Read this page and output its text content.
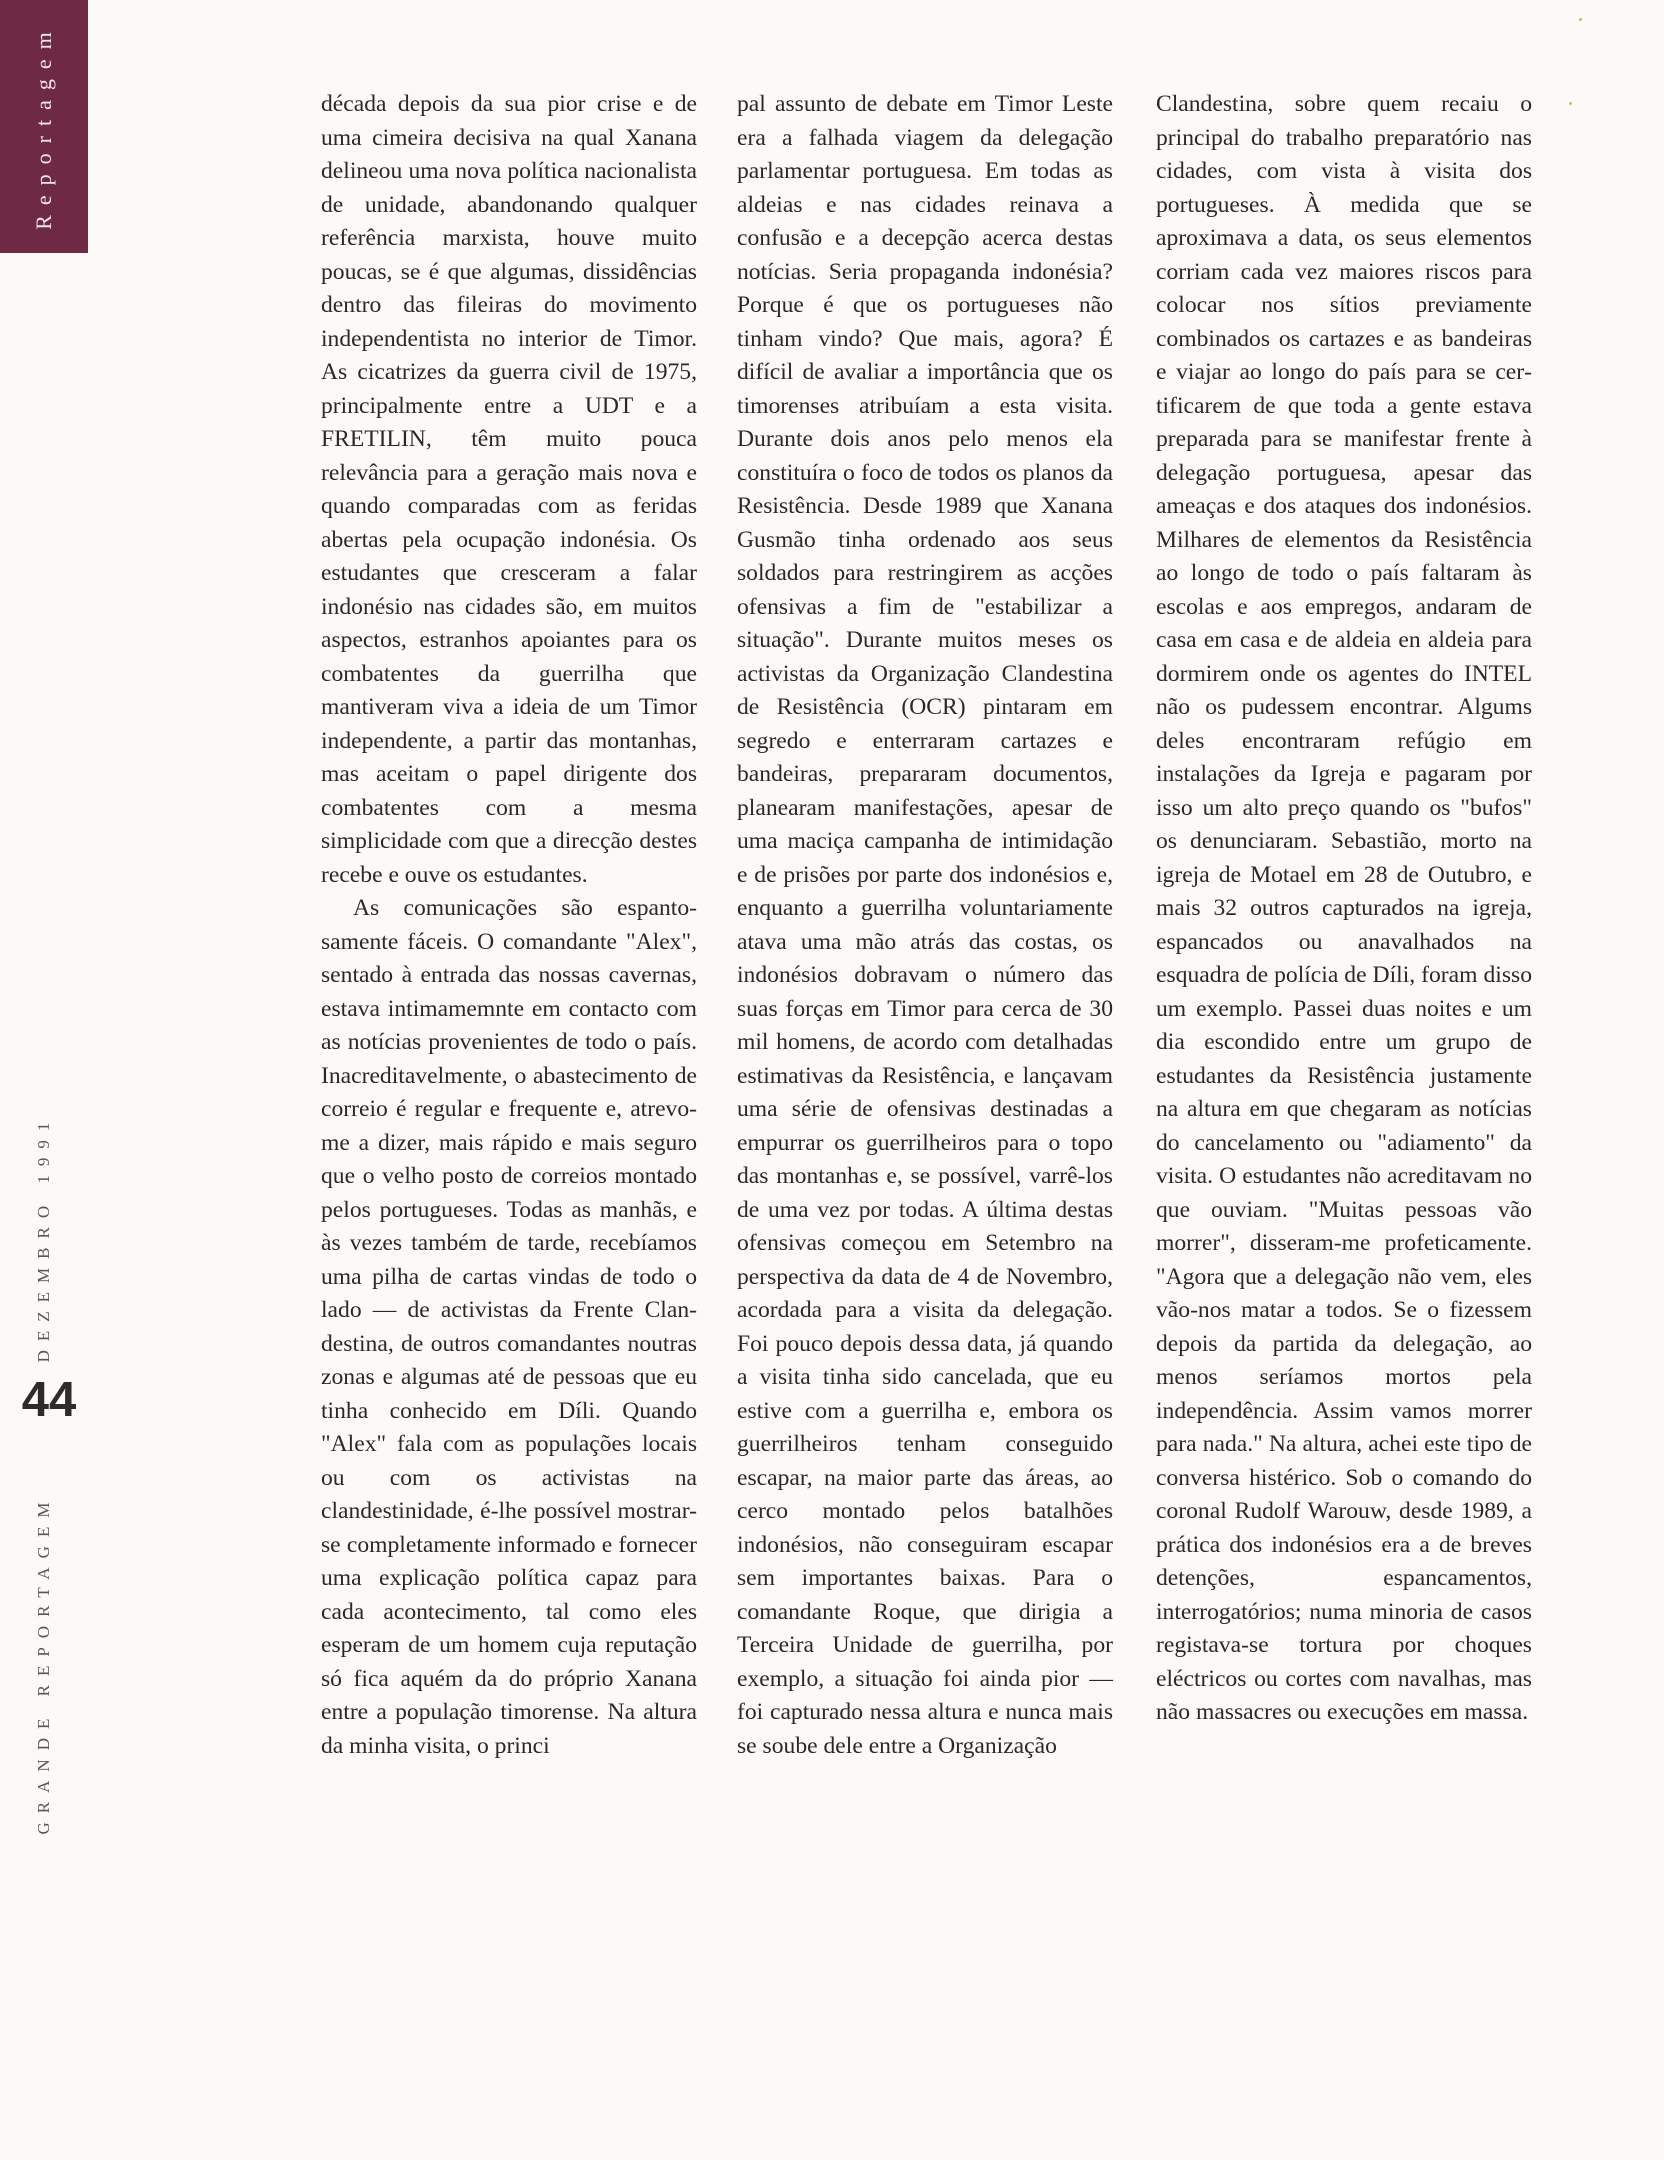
Reportagem
DEZEMBRO 1991
44
GRANDE REPORTAGEM

década depois da sua pior crise e de uma cimeira decisiva na qual Xanana delineou uma nova política nacionalista de unidade, abandonando qualquer referência marxista, houve muito poucas, se é que algumas, dissidências dentro das fileiras do movimento independentista no interior de Timor. As cicatrizes da guerra civil de 1975, principalmente entre a UDT e a FRETILIN, têm muito pouca relevância para a geração mais nova e quando comparadas com as feridas abertas pela ocupação indonésia. Os estudantes que cresceram a falar indonésio nas cidades são, em muitos aspectos, estranhos apoiantes para os combatentes da guerrilha que mantiveram viva a ideia de um Timor independente, a partir das montanhas, mas aceitam o papel dirigente dos combatentes com a mesma simplicidade com que a direcção destes recebe e ouve os estudantes.

As comunicações são espantosamente fáceis. O comandante "Alex", sentado à entrada das nossas cavernas, estava intimamemnte em contacto com as notícias provenientes de todo o país. Inacreditavelmente, o abastecimento de correio é regular e frequente e, atrevo-me a dizer, mais rápido e mais seguro que o velho posto de correios montado pelos portugueses. Todas as manhãs, e às vezes também de tarde, recebíamos uma pilha de cartas vindas de todo o lado — de activistas da Frente Clandestina, de outros comandantes noutras zonas e algumas até de pessoas que eu tinha conhecido em Díli. Quando "Alex" fala com as populações locais ou com os activistas na clandestinidade, é-lhe possível mostrar-se completamente informado e fornecer uma explicação política capaz para cada acontecimento, tal como eles esperam de um homem cuja reputação só fica aquém da do próprio Xanana entre a população timorense. Na altura da minha visita, o princi

pal assunto de debate em Timor Leste era a falhada viagem da delegação parlamentar portuguesa. Em todas as aldeias e nas cidades reinava a confusão e a decepção acerca destas notícias. Seria propaganda indonésia? Porque é que os portugueses não tinham vindo? Que mais, agora? É difícil de avaliar a importância que os timorenses atribuíam a esta visita. Durante dois anos pelo menos ela constituíra o foco de todos os planos da Resistência. Desde 1989 que Xanana Gusmão tinha ordenado aos seus soldados para restringirem as acções ofensivas a fim de "estabilizar a situação". Durante muitos meses os activistas da Organização Clandestina de Resistência (OCR) pintaram em segredo e enterraram cartazes e bandeiras, prepararam documentos, planearam manifestações, apesar de uma maciça campanha de intimidação e de prisões por parte dos indonésios e, enquanto a guerrilha voluntariamente atava uma mão atrás das costas, os indonésios dobravam o número das suas forças em Timor para cerca de 30 mil homens, de acordo com detalhadas estimativas da Resistência, e lançavam uma série de ofensivas destinadas a empurrar os guerrilheiros para o topo das montanhas e, se possível, varrê-los de uma vez por todas. A última destas ofensivas começou em Setembro na perspectiva da data de 4 de Novembro, acordada para a visita da delegação. Foi pouco depois dessa data, já quando a visita tinha sido cancelada, que eu estive com a guerrilha e, embora os guerrilheiros tenham conseguido escapar, na maior parte das áreas, ao cerco montado pelos batalhões indonésios, não conseguiram escapar sem importantes baixas. Para o comandante Roque, que dirigia a Terceira Unidade de guerrilha, por exemplo, a situação foi ainda pior — foi capturado nessa altura e nunca mais se soube dele entre a Organização

Clandestina, sobre quem recaiu o principal do trabalho preparatório nas cidades, com vista à visita dos portugueses. À medida que se aproximava a data, os seus elementos corriam cada vez maiores riscos para colocar nos sítios previamente combinados os cartazes e as bandeiras e viajar ao longo do país para se certificarem de que toda a gente estava preparada para se manifestar frente à delegação portuguesa, apesar das ameaças e dos ataques dos indonésios. Milhares de elementos da Resistência ao longo de todo o país faltaram às escolas e aos empregos, andaram de casa em casa e de aldeia en aldeia para dormirem onde os agentes do INTEL não os pudessem encontrar. Algums deles encontraram refúgio em instalações da Igreja e pagaram por isso um alto preço quando os "bufos" os denunciaram. Sebastião, morto na igreja de Motael em 28 de Outubro, e mais 32 outros capturados na igreja, espancados ou anavalhados na esquadra de polícia de Díli, foram disso um exemplo. Passei duas noites e um dia escondido entre um grupo de estudantes da Resistência justamente na altura em que chegaram as notícias do cancelamento ou "adiamento" da visita. O estudantes não acreditavam no que ouviam. "Muitas pessoas vão morrer", disseram-me profeticamente. "Agora que a delegação não vem, eles vão-nos matar a todos. Se o fizessem depois da partida da delegação, ao menos seríamos mortos pela independência. Assim vamos morrer para nada." Na altura, achei este tipo de conversa histérico. Sob o comando do coronal Rudolf Warouw, desde 1989, a prática dos indonésios era a de breves detenções, espancamentos, interrogatórios; numa minoria de casos registava-se tortura por choques eléctricos ou cortes com navalhas, mas não massacres ou execuções em massa.
